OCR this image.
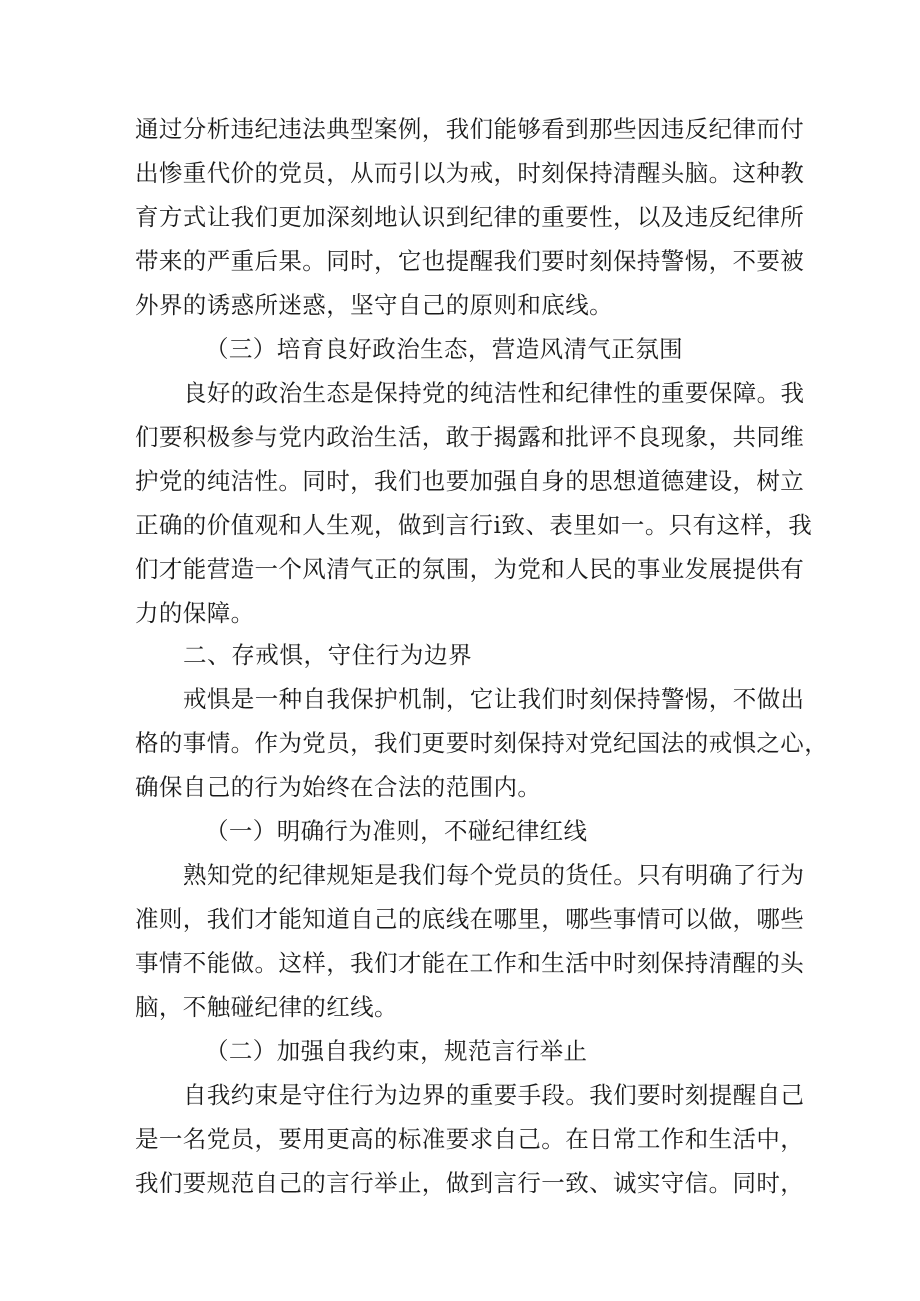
通过分析违纪违法典型案例，我们能够看到那些因违反纪律而付
出惨重代价的党员，从而引以为戒，时刻保持清醒头脑。这种教
育方式让我们更加深刻地认识到纪律的重要性，以及违反纪律所
带来的严重后果。同时，它也提醒我们要时刻保持警惕，不要被
外界的诱惑所迷惑，坚守自己的原则和底线。
（三）培育良好政治生态，营造风清气正氛围
良好的政治生态是保持党的纯洁性和纪律性的重要保障。我
们要积极参与党内政治生活，敢于揭露和批评不良现象，共同维
护党的纯洁性。同时，我们也要加强自身的思想道德建设，树立
正确的价值观和人生观，做到言行i致、表里如一。只有这样，我
们才能营造一个风清气正的氛围，为党和人民的事业发展提供有
力的保障。
二、存戒惧，守住行为边界
戒惧是一种自我保护机制，它让我们时刻保持警惕，不做出
格的事情。作为党员，我们更要时刻保持对党纪国法的戒惧之心，
确保自己的行为始终在合法的范围内。
（一）明确行为准则，不碰纪律红线
熟知党的纪律规矩是我们每个党员的货任。只有明确了行为
准则，我们才能知道自己的底线在哪里，哪些事情可以做，哪些
事情不能做。这样，我们才能在工作和生活中时刻保持清醒的头
脑，不触碰纪律的红线。
（二）加强自我约束，规范言行举止
自我约束是守住行为边界的重要手段。我们要时刻提醒自己
是一名党员，要用更高的标准要求自己。在日常工作和生活中，
我们要规范自己的言行举止，做到言行一致、诚实守信。同时，
